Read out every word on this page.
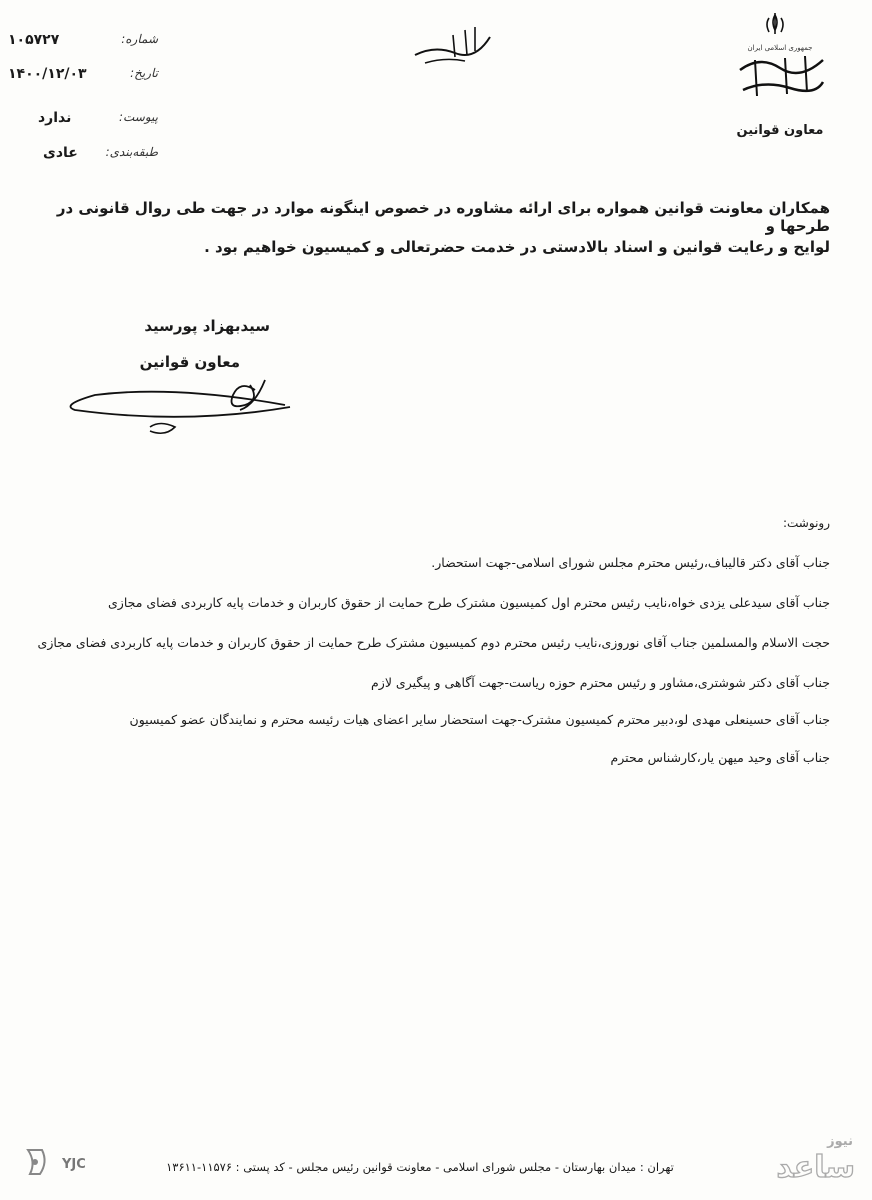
۱۰۵۷۲۷	شماره:
۱۴۰۰/۱۲/۰۳	تاریخ:
ندارد	پیوست:
عادی طبقه‌بندی:
جمهوری اسلامی ایران
معاون قوانین
همکاران معاونت قوانین همواره برای ارائه مشاوره در خصوص اینگونه موارد در جهت طی روال قانونی در طرحها و
لوایح و رعایت قوانین و اسناد بالادستی در خدمت حضرتعالی و کمیسیون خواهیم بود .
سیدبهزاد پورسید
معاون قوانین
رونوشت:
جناب آقای دکتر قالیباف،رئیس محترم مجلس شورای اسلامی-جهت استحضار.
جناب آقای سیدعلی یزدی خواه،نایب رئیس محترم اول کمیسیون مشترک طرح حمایت از حقوق کاربران و خدمات پایه کاربردی فضای مجازی
حجت الاسلام والمسلمین جناب آقای نوروزی،نایب رئیس محترم دوم کمیسیون مشترک طرح حمایت از حقوق کاربران و خدمات پایه کاربردی فضای مجازی
جناب آقای دکتر شوشتری،مشاور و رئیس محترم حوزه ریاست-جهت آگاهی و پیگیری لازم
جناب آقای حسینعلی مهدی لو،دبیر محترم کمیسیون مشترک-جهت استحضار سایر اعضای هیات رئیسه محترم و نمایندگان عضو کمیسیون
جناب آقای وحید میهن یار،کارشناس محترم
تهران : میدان بهارستان - مجلس شورای اسلامی - معاونت قوانین رئیس مجلس - کد پستی : ۱۱۵۷۶-۱۳۶۱۱
YJC
نیوز
ساعد
